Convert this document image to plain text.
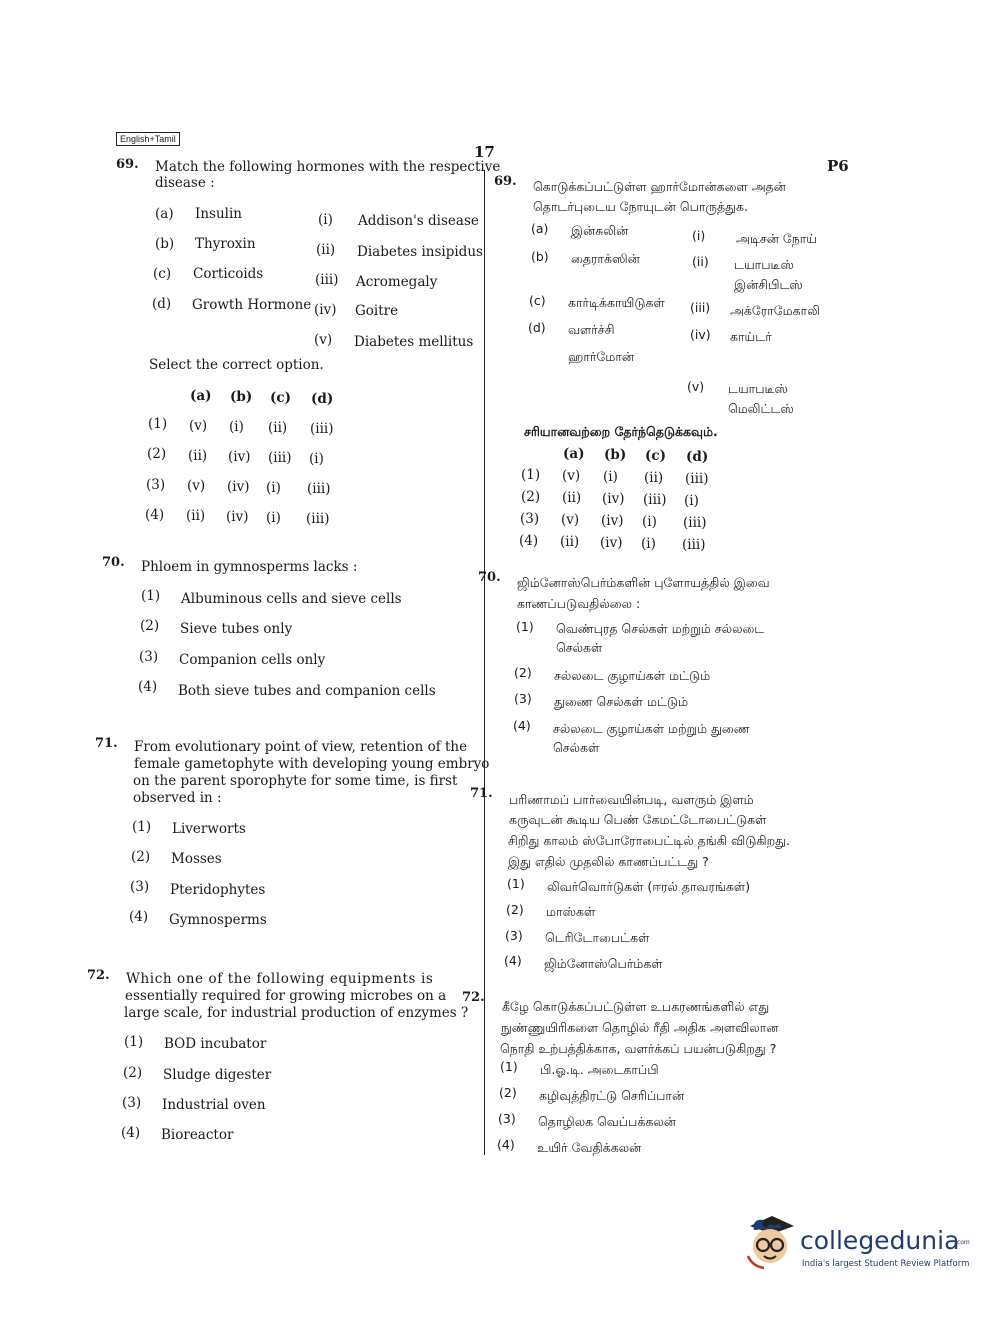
English+Tamil
17
P6
69. Match the following hormones with the respective
disease :
(a) Insulin
(b) Thyroxin
(c) Corticoids
(d) Growth Hormone
(i) Addison's disease
(ii) Diabetes insipidus
(iii) Acromegaly
(iv) Goitre
(v) Diabetes mellitus
Select the correct option.
(a) (b) (c) (d)
(1) (v) (i) (ii) (iii)
(2) (ii) (iv) (iii) (i)
(3) (v) (iv) (i) (iii)
(4) (ii) (iv) (i) (iii)
70. Phloem in gymnosperms lacks :
(1) Albuminous cells and sieve cells
(2) Sieve tubes only
(3) Companion cells only
(4) Both sieve tubes and companion cells
71. From evolutionary point of view, retention of the
female gametophyte with developing young embryo
on the parent sporophyte for some time, is first
observed in :
(1) Liverworts
(2) Mosses
(3) Pteridophytes
(4) Gymnosperms
72. Which one of the following equipments is
essentially required for growing microbes on a
large scale, for industrial production of enzymes ?
(1) BOD incubator
(2) Sludge digester
(3) Industrial oven
(4) Bioreactor
69. கொடுக்கப்பட்டுள்ள ஹார்மோன்களை அதன்
தொடர்புடைய நோயுடன் பொருத்துக.
(a) இன்சுலின்
(b) தைராக்ஸின்
(c) கார்டிக்காயிடுகள்
(d) வளர்ச்சி
ஹார்மோன்
(i) அடிசன் நோய்
(ii) டயாபடீஸ்
இன்சிபிடஸ்
(iii) அக்ரோமேகாலி
(iv) காய்டர்
(v) டயாபடீஸ்
மெலிட்டஸ்
சரியானவற்றை தேர்ந்தெடுக்கவும்.
(a) (b) (c) (d)
(1) (v) (i) (ii) (iii)
(2) (ii) (iv) (iii) (i)
(3) (v) (iv) (i) (iii)
(4) (ii) (iv) (i) (iii)
70. ஜிம்னோஸ்பெர்ம்களின் புளோயத்தில் இவை
காணப்படுவதில்லை :
(1) வெண்புரத செல்கள் மற்றும் சல்லடை
செல்கள்
(2) சல்லடை குழாய்கள் மட்டும்
(3) துணை செல்கள் மட்டும்
(4) சல்லடை குழாய்கள் மற்றும் துணை
செல்கள்
71. பரிணாமப் பார்வையின்படி, வளரும் இளம்
கருவுடன் கூடிய பெண் கேமட்டோபைட்டுகள்
சிறிது காலம் ஸ்போரோபைட்டில் தங்கி விடுகிறது.
இது எதில் முதலில் காணப்பட்டது ?
(1) லிவர்வொர்டுகள் (ஈரல் தாவரங்கள்)
(2) மாஸ்கள்
(3) டெரிடோபைட்கள்
(4) ஜிம்னோஸ்பெர்ம்கள்
72.
கீழே கொடுக்கப்பட்டுள்ள உபகரணங்களில் எது
நுண்ணுயிரிகளை தொழில் ரீதி அதிக அளவிலான
நொதி உற்பத்திக்காக, வளர்க்கப் பயன்படுகிறது ?
(1) பி.ஓ.டி. அடைகாப்பி
(2) கழிவுத்திரட்டு செரிப்பான்
(3) தொழிலக வெப்பக்கலன்
(4) உயிர் வேதிக்கலன்
collegedunia
.com
India's largest Student Review Platform
